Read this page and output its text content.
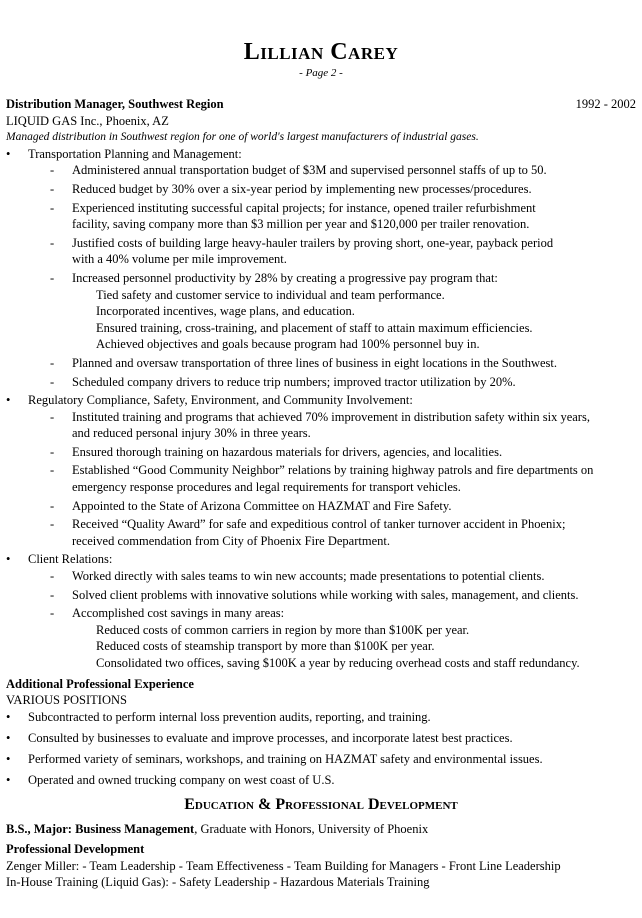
Lillian Carey
- Page 2 -
Distribution Manager, Southwest Region	1992 - 2002
LIQUID GAS Inc., Phoenix, AZ
Managed distribution in Southwest region for one of world's largest manufacturers of industrial gases.
• Transportation Planning and Management:
- Administered annual transportation budget of $3M and supervised personnel staffs of up to 50.
- Reduced budget by 30% over a six-year period by implementing new processes/procedures.
- Experienced instituting successful capital projects; for instance, opened trailer refurbishment
facility, saving company more than $3 million per year and $120,000 per trailer renovation.
- Justified costs of building large heavy-hauler trailers by proving short, one-year, payback period
with a 40% volume per mile improvement.
- Increased personnel productivity by 28% by creating a progressive pay program that:
Tied safety and customer service to individual and team performance.
Incorporated incentives, wage plans, and education.
Ensured training, cross-training, and placement of staff to attain maximum efficiencies.
Achieved objectives and goals because program had 100% personnel buy in.
- Planned and oversaw transportation of three lines of business in eight locations in the Southwest.
- Scheduled company drivers to reduce trip numbers; improved tractor utilization by 20%.
• Regulatory Compliance, Safety, Environment, and Community Involvement:
- Instituted training and programs that achieved 70% improvement in distribution safety within six years,
and reduced personal injury 30% in three years.
- Ensured thorough training on hazardous materials for drivers, agencies, and localities.
- Established “Good Community Neighbor” relations by training highway patrols and fire departments on
emergency response procedures and legal requirements for transport vehicles.
- Appointed to the State of Arizona Committee on HAZMAT and Fire Safety.
- Received “Quality Award” for safe and expeditious control of tanker turnover accident in Phoenix;
received commendation from City of Phoenix Fire Department.
• Client Relations:
- Worked directly with sales teams to win new accounts; made presentations to potential clients.
- Solved client problems with innovative solutions while working with sales, management, and clients.
- Accomplished cost savings in many areas:
Reduced costs of common carriers in region by more than $100K per year.
Reduced costs of steamship transport by more than $100K per year.
Consolidated two offices, saving $100K a year by reducing overhead costs and staff redundancy.
Additional Professional Experience
VARIOUS POSITIONS
• Subcontracted to perform internal loss prevention audits, reporting, and training.
• Consulted by businesses to evaluate and improve processes, and incorporate latest best practices.
• Performed variety of seminars, workshops, and training on HAZMAT safety and environmental issues.
• Operated and owned trucking company on west coast of U.S.
Education & Professional Development
B.S., Major: Business Management, Graduate with Honors, University of Phoenix
Professional Development
Zenger Miller: - Team Leadership - Team Effectiveness - Team Building for Managers - Front Line Leadership
In-House Training (Liquid Gas): - Safety Leadership - Hazardous Materials Training
